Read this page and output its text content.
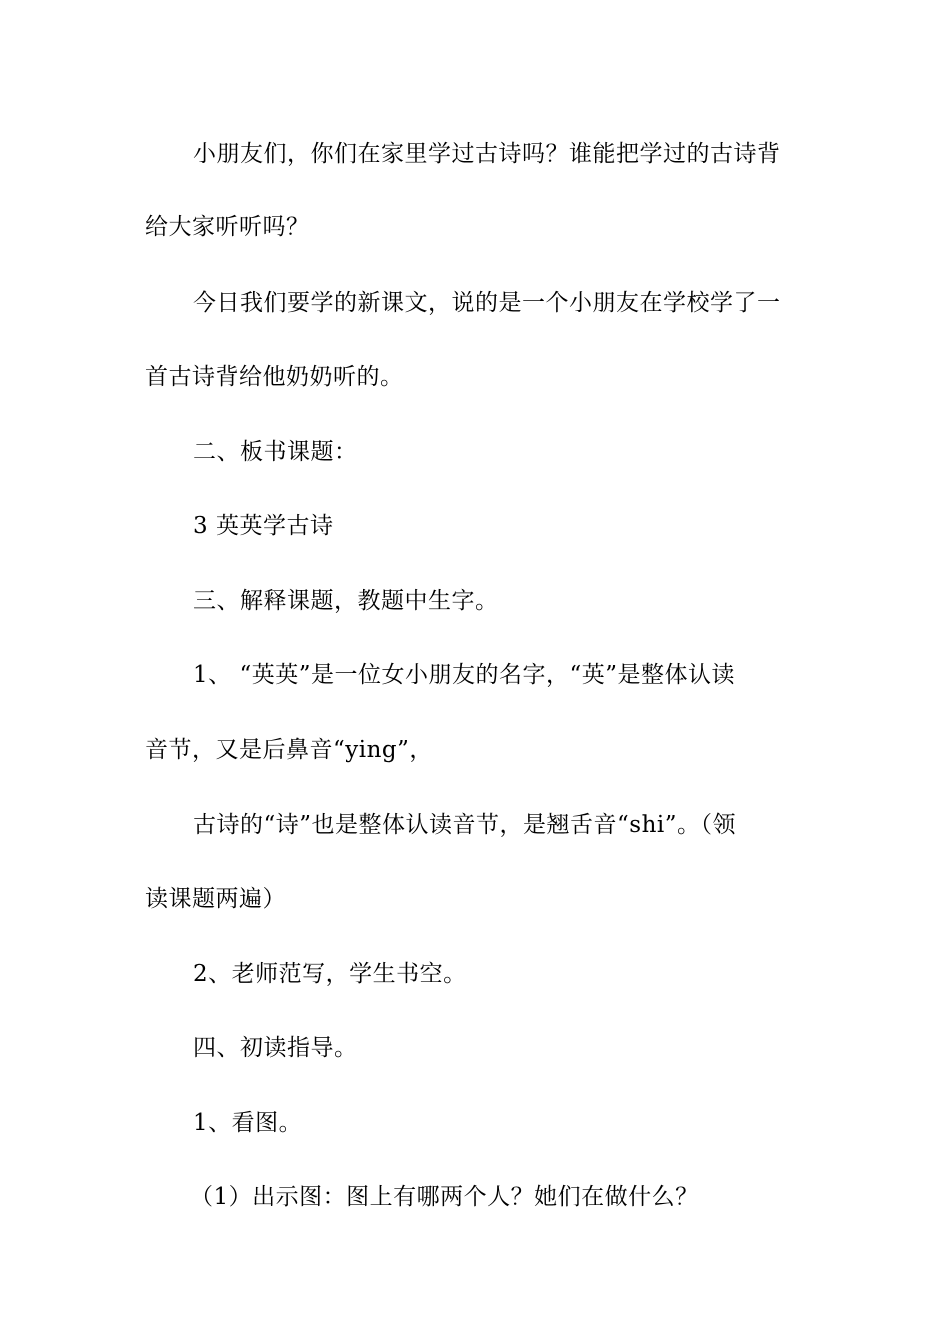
小朋友们，你们在家里学过古诗吗？谁能把学过的古诗背
给大家听听吗？
今日我们要学的新课文，说的是一个小朋友在学校学了一
首古诗背给他奶奶听的。
二、板书课题：
3 英英学古诗
三、解释课题，教题中生字。
1、 “英英”是一位女小朋友的名字，“英”是整体认读
音节，又是后鼻音“ying”，
古诗的“诗”也是整体认读音节，是翘舌音“shi”。（领
读课题两遍）
2、老师范写，学生书空。
四、初读指导。
1、看图。
（1）出示图：图上有哪两个人？她们在做什么？
